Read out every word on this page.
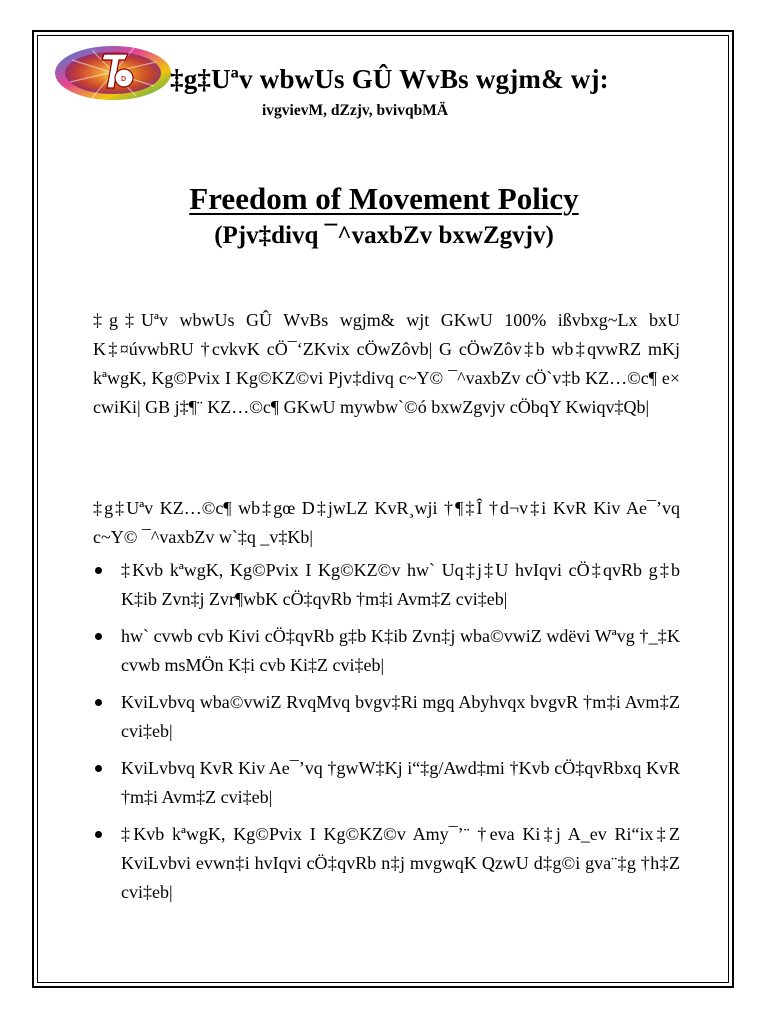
D ‡g‡Uªv wbwUs GÛ WvBs wgjm& wj:
ivgvievM, dZzjv, bvivqbMÄ
Freedom of Movement Policy
(Pjv‡divq ¯^vaxbZv bxwZgvjv)
‡g‡Uªv wbwUs GÛ WvBs wgjm& wjt GKwU 100% ißvbxg~Lx bxU K‡¤úvwbRU †cvkvK cÖ¯‘ZKvix cÖwZôvb| G cÖwZôv‡b wb‡qvwRZ mKj kªwgK, Kg©Pvix I Kg©KZ©vi Pjv‡divq c~Y© ¯^vaxbZv cÖ`v‡b KZ…©c¶ e× cwiKi| GB j‡¶¨ KZ…©c¶ GKwU mywbw`©ó bxwZgvjv cÖbqY Kwiqv‡Qb|
‡g‡Uªv KZ…©c¶ wb‡gœ D‡jwLZ KvR¸wji †¶‡Î †d¬v‡i KvR Kiv Ae¯’vq c~Y© ¯^vaxbZv w`‡q _v‡Kb|
‡Kvb kªwgK, Kg©Pvix I Kg©KZ©v hw` Uq‡j‡U hvIqvi cÖ‡qvRb g‡b K‡ib Zvn‡j Zvr¶wbK cÖ‡qvRb †m‡i Avm‡Z cvi‡eb|
hw` cvwb cvb Kivi cÖ‡qvRb g‡b K‡ib Zvn‡j wba©vwiZ wdëvi Wªvg †_‡K cvwb msMÖn K‡i cvb Ki‡Z cvi‡eb|
KviLvbvq wba©vwiZ RvqMvq bvgv‡Ri mgq Abyhvqx bvgvR †m‡i Avm‡Z cvi‡eb|
KviLvbvq KvR Kiv Ae¯’vq †gwW‡Kj i“‡g/Awd‡mi †Kvb cÖ‡qvRbxq KvR †m‡i Avm‡Z cvi‡eb|
‡Kvb kªwgK, Kg©Pvix I Kg©KZ©v Amy¯’¨ †eva Ki‡j A_ev Ri“ix‡Z KviLvbvi evwn‡i hvIqvi cÖ‡qvRb n‡j mvgwqK QzwU d‡g©i gva¨‡g †h‡Z cvi‡eb|
